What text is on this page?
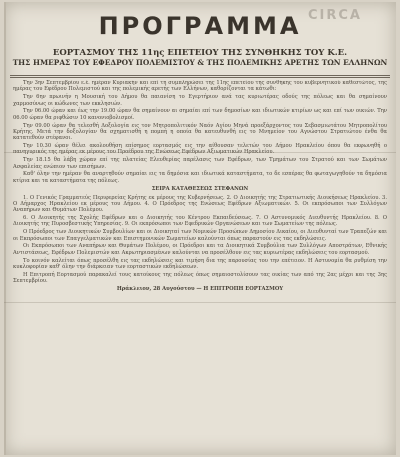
CIRCA
ΠΡΟΓΡΑΜΜΑ
ΕΟΡΤΑΣΜΟΥ ΤΗΣ 11ης ΕΠΕΤΕΙΟΥ ΤΗΣ ΣΥΝΘΗΚΗΣ ΤΟΥ Κ.Ε.
ΤΗΣ ΗΜΕΡΑΣ ΤΟΥ ΕΦΕΔΡΟΥ ΠΟΛΕΜΙΣΤΟΥ & ΤΗΣ ΠΟΛΕΜΙΚΗΣ ΑΡΕΤΗΣ ΤΩΝ ΕΛΛΗΝΩΝ

Την 3ην Σεπτεμβρίου ε.έ. ημέραν Κυριακήν και επί τη συμπληρώσει της 11ης επετείου της συνθήκης του κυβερνητικού καθεστώτος, της ημέρας του Εφέδρου Πολεμιστού και της πολεμικής αρετής των Ελλήνων, καθορίζονται τα κάτωθι:

Την 6ην πρωινήν η Μουσική του Δήμου θα παιανίση το Εγερτήριον ανά τας κυριωτέρας οδούς της πόλεως και θα σημαίνουν χαρμοσύνως οι κώδωνες των εκκλησιών.

Την 06.00 ώραν και έως την 19.00 ώραν θα σημαίνουν αι σημαίαι επί των δημοσίων και ιδιωτικών κτιρίων ως και επί των οικιών. Την 06.00 ώραν θα ριφθώσιν 10 κανονιοβολισμοί.

Την 09.00 ώραν θα τελεσθή Δοξολογία εις τον Μητροπολιτικόν Ναόν Αγίου Μηνά προεξάρχοντος του Σεβασμιωτάτου Μητροπολίτου Κρήτης. Μετά την δοξολογίαν θα σχηματισθή η πομπή η οποία θα κατευθυνθή εις το Μνημείον του Αγνώστου Στρατιώτου ένθα θα κατατεθούν στέφανοι.

Την 10.30 ώραν θέλει ακολουθήση επίσημος εορτασμός εις την αίθουσαν τελετών του Δήμου Ηρακλείου όπου θα εκφωνηθή ο πανηγυρικός της ημέρας εκ μέρους του Προέδρου της Ενώσεως Εφέδρων Αξιωματικών Ηρακλείου.

Την 18.15 θα λάβη χώραν επί της πλατείας Ελευθερίας παρέλασις των Εφέδρων, των Τμημάτων του Στρατού και των Σωμάτων Ασφαλείας ενώπιον των επισήμων.

Καθ' όλην την ημέραν θα αναρτηθούν σημαίαι εις τα δημόσια και ιδιωτικά καταστήματα, το δε εσπέρας θα φωταγωγηθούν τα δημόσια κτίρια και τα καταστήματα της πόλεως.

ΣΕΙΡΑ ΚΑΤΑΘΕΣΕΩΣ ΣΤΕΦΑΝΩΝ

1. Ο Γενικός Γραμματεύς Περιφερείας Κρήτης εκ μέρους της Κυβερνήσεως. 2. Ο Διοικητής της Στρατιωτικής Διοικήσεως Ηρακλείου. 3. Ο Δήμαρχος Ηρακλείου εκ μέρους του Δήμου. 4. Ο Πρόεδρος της Ενώσεως Εφέδρων Αξιωματικών. 5. Οι εκπρόσωποι των Συλλόγων Αναπήρων και Θυμάτων Πολέμου.

6. Ο Διοικητής της Σχολής Εφέδρων και ο Διοικητής του Κέντρου Εκπαιδεύσεως. 7. Ο Αστυνομικός Διευθυντής Ηρακλείου. 8. Ο Διοικητής της Πυροσβεστικής Υπηρεσίας. 9. Οι εκπρόσωποι των Εφεδρικών Οργανώσεων και των Σωματείων της πόλεως.

Ο Πρόεδρος των Διοικητικών Συμβουλίων και οι Διοικηταί των Νομικών Προσώπων Δημοσίου Δικαίου, οι Διευθυνταί των Τραπεζών και οι Εκπρόσωποι των Επαγγελματικών και Επιστημονικών Σωματείων καλούνται όπως παραστούν εις τας εκδηλώσεις.

Οι Εκπρόσωποι των Αναπήρων και Θυμάτων Πολέμου, οι Πρόεδροι και τα Διοικητικά Συμβούλια των Συλλόγων Αποστράτων, Εθνικής Αντιστάσεως, Εφέδρων Πολεμιστών και Ακρωτηριασμένων καλούνται να προσέλθουν εις τας κυριωτέρας εκδηλώσεις του εορτασμού.

Το κοινόν καλείται όπως προσέλθη εις τας εκδηλώσεις και τιμήση δια της παρουσίας του την επέτειον. Η Αστυνομία θα ρυθμίση την κυκλοφορίαν καθ' όλην την διάρκειαν των εορταστικών εκδηλώσεων.

Η Επιτροπή Εορτασμού παρακαλεί τους κατοίκους της πόλεως όπως σημαιοστολίσουν τας οικίας των από της 2ας μέχρι και της 3ης Σεπτεμβρίου.

Ηράκλειον, 28 Αυγούστου — Η ΕΠΙΤΡΟΠΗ ΕΟΡΤΑΣΜΟΥ
